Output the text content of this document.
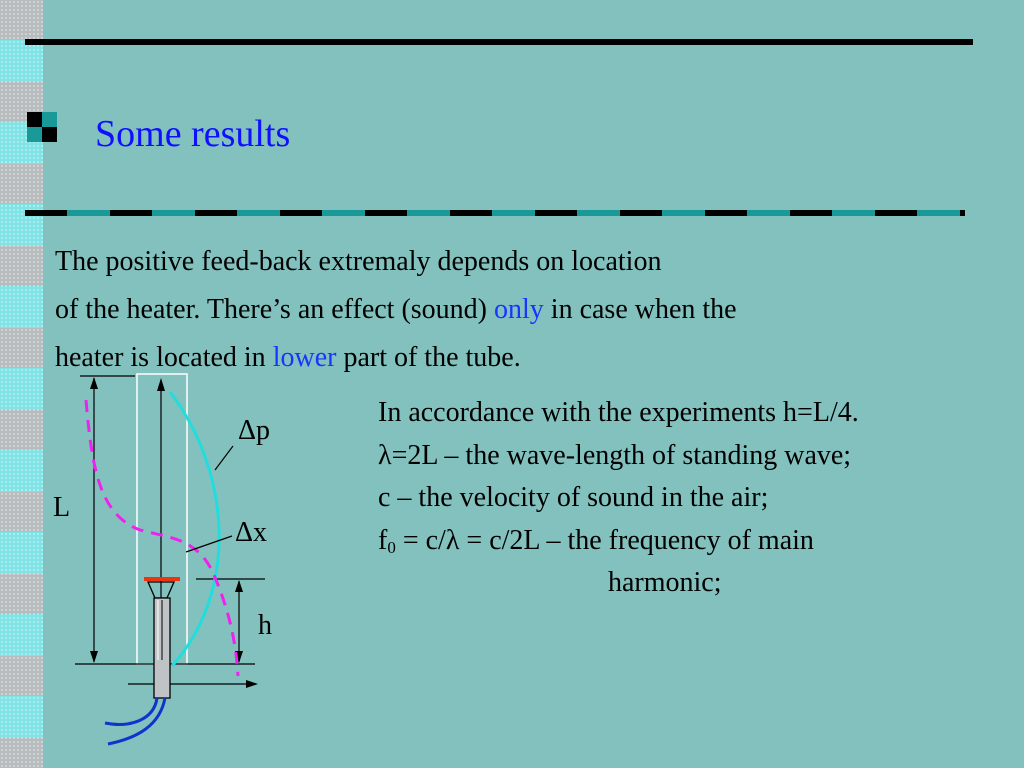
Some results
The positive feed-back extremaly depends on location
of the heater. There’s an effect (sound) only in case when the
heater is located in lower part of the tube.
In accordance with the experiments h=L/4.
λ=2L – the wave-length of standing wave;
c – the velocity of sound in the air;
$f_0 = c/\lambda = c/2L$ – the frequency of main
harmonic;
L
Δp
Δx
h
